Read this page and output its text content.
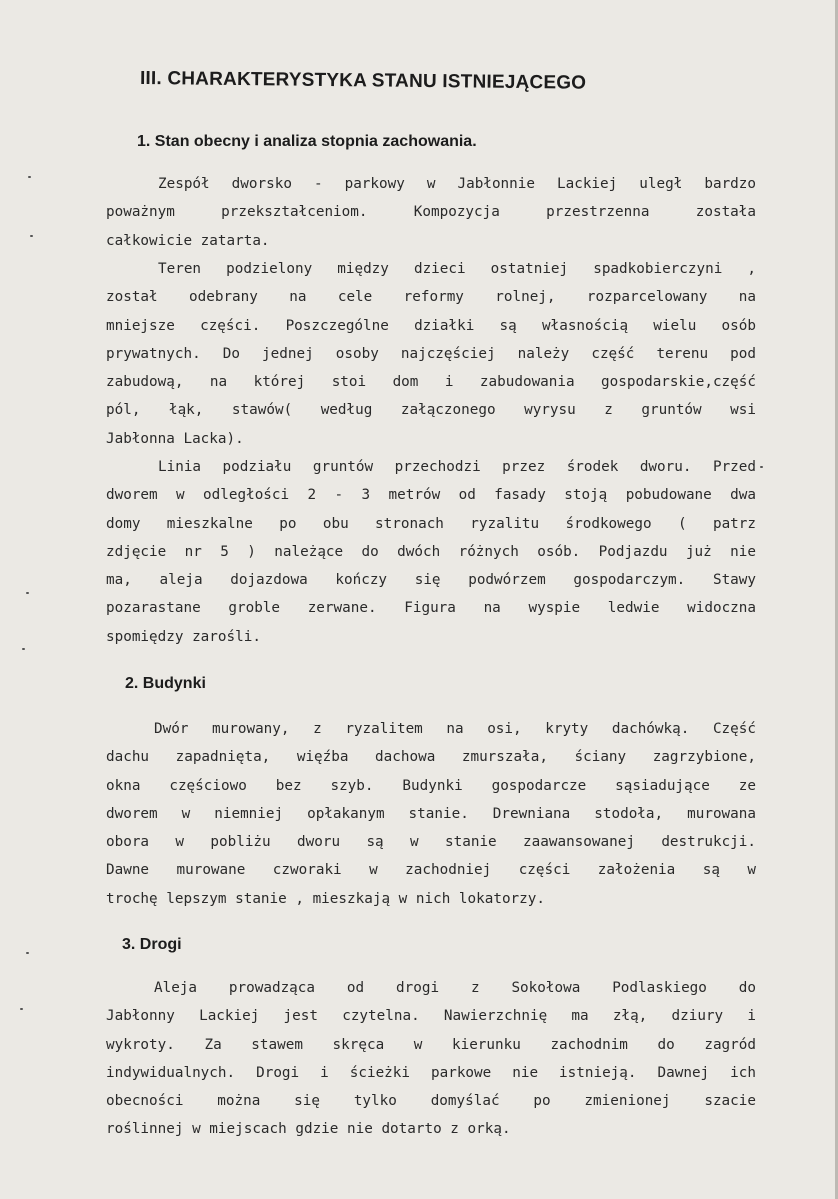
III. CHARAKTERYSTYKA STANU ISTNIEJĄCEGO
1. Stan obecny i analiza stopnia zachowania.
Zespół dworsko - parkowy w Jabłonnie Lackiej uległ bardzo
poważnym przekształceniom. Kompozycja przestrzenna została
całkowicie zatarta.
Teren podzielony między dzieci ostatniej spadkobierczyni ,
został odebrany na cele reformy rolnej, rozparcelowany na
mniejsze części. Poszczególne działki są własnością wielu osób
prywatnych. Do jednej osoby najczęściej należy część terenu pod
zabudową, na której stoi dom i zabudowania gospodarskie,część
pól, łąk, stawów( według załączonego wyrysu z gruntów wsi
Jabłonna Lacka).
Linia podziału gruntów przechodzi przez środek dworu. Przed
dworem w odległości 2 - 3 metrów od fasady stoją pobudowane dwa
domy mieszkalne po obu stronach ryzalitu środkowego ( patrz
zdjęcie nr 5 ) należące do dwóch różnych osób. Podjazdu już nie
ma, aleja dojazdowa kończy się podwórzem gospodarczym. Stawy
pozarastane groble zerwane. Figura na wyspie ledwie widoczna
spomiędzy zarośli.
2. Budynki
Dwór murowany, z ryzalitem na osi, kryty dachówką. Część
dachu zapadnięta, więźba dachowa zmurszała, ściany zagrzybione,
okna częściowo bez szyb. Budynki gospodarcze sąsiadujące ze
dworem w niemniej opłakanym stanie. Drewniana stodoła, murowana
obora w pobliżu dworu są w stanie zaawansowanej destrukcji.
Dawne murowane czworaki w zachodniej części założenia są w
trochę lepszym stanie , mieszkają w nich lokatorzy.
3. Drogi
Aleja prowadząca od drogi z Sokołowa Podlaskiego do
Jabłonny Lackiej jest czytelna. Nawierzchnię ma złą, dziury i
wykroty. Za stawem skręca w kierunku zachodnim do zagród
indywidualnych. Drogi i ścieżki parkowe nie istnieją. Dawnej ich
obecności można się tylko domyślać po zmienionej szacie
roślinnej w miejscach gdzie nie dotarto z orką.
